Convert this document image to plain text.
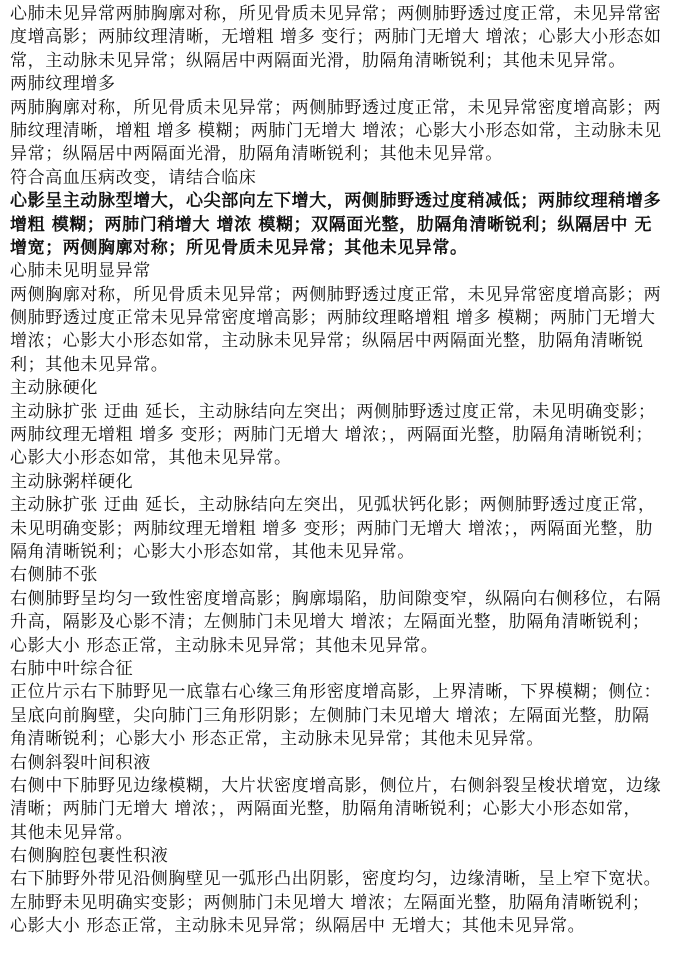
心肺未见异常两肺胸廓对称，所见骨质未见异常；两侧肺野透过度正常，未见异常密
度增高影；两肺纹理清晰，无增粗 增多 变行；两肺门无增大 增浓；心影大小形态如
常，主动脉未见异常；纵隔居中两隔面光滑，肋隔角清晰锐利；其他未见异常。
两肺纹理增多
两肺胸廓对称，所见骨质未见异常；两侧肺野透过度正常，未见异常密度增高影；两
肺纹理清晰，增粗 增多 模糊；两肺门无增大 增浓；心影大小形态如常，主动脉未见
异常；纵隔居中两隔面光滑，肋隔角清晰锐利；其他未见异常。
符合高血压病改变，请结合临床
心影呈主动脉型增大，心尖部向左下增大，两侧肺野透过度稍减低；两肺纹理稍增多
增粗 模糊；两肺门稍增大 增浓 模糊；双隔面光整，肋隔角清晰锐利；纵隔居中 无
增宽；两侧胸廓对称；所见骨质未见异常；其他未见异常。
心肺未见明显异常
两侧胸廓对称，所见骨质未见异常；两侧肺野透过度正常，未见异常密度增高影；两
侧肺野透过度正常未见异常密度增高影；两肺纹理略增粗 增多 模糊；两肺门无增大
增浓；心影大小形态如常，主动脉未见异常；纵隔居中两隔面光整，肋隔角清晰锐
利；其他未见异常。
主动脉硬化
主动脉扩张 迂曲 延长，主动脉结向左突出；两侧肺野透过度正常，未见明确变影；
两肺纹理无增粗 增多 变形；两肺门无增大 增浓；，两隔面光整，肋隔角清晰锐利；
心影大小形态如常，其他未见异常。
主动脉粥样硬化
主动脉扩张 迂曲 延长，主动脉结向左突出，见弧状钙化影；两侧肺野透过度正常，
未见明确变影；两肺纹理无增粗 增多 变形；两肺门无增大 增浓；，两隔面光整，肋
隔角清晰锐利；心影大小形态如常，其他未见异常。
右侧肺不张
右侧肺野呈均匀一致性密度增高影；胸廓塌陷，肋间隙变窄，纵隔向右侧移位，右隔
升高，隔影及心影不清；左侧肺门未见增大 增浓；左隔面光整，肋隔角清晰锐利；
心影大小 形态正常，主动脉未见异常；其他未见异常。
右肺中叶综合征
正位片示右下肺野见一底靠右心缘三角形密度增高影，上界清晰，下界模糊；侧位：
呈底向前胸壁，尖向肺门三角形阴影；左侧肺门未见增大 增浓；左隔面光整，肋隔
角清晰锐利；心影大小 形态正常，主动脉未见异常；其他未见异常。
右侧斜裂叶间积液
右侧中下肺野见边缘模糊，大片状密度增高影，侧位片，右侧斜裂呈梭状增宽，边缘
清晰；两肺门无增大 增浓；，两隔面光整，肋隔角清晰锐利；心影大小形态如常，
其他未见异常。
右侧胸腔包裹性积液
右下肺野外带见沿侧胸壁见一弧形凸出阴影，密度均匀，边缘清晰，呈上窄下宽状。
左肺野未见明确实变影；两侧肺门未见增大 增浓；左隔面光整，肋隔角清晰锐利；
心影大小 形态正常，主动脉未见异常；纵隔居中 无增大；其他未见异常。
